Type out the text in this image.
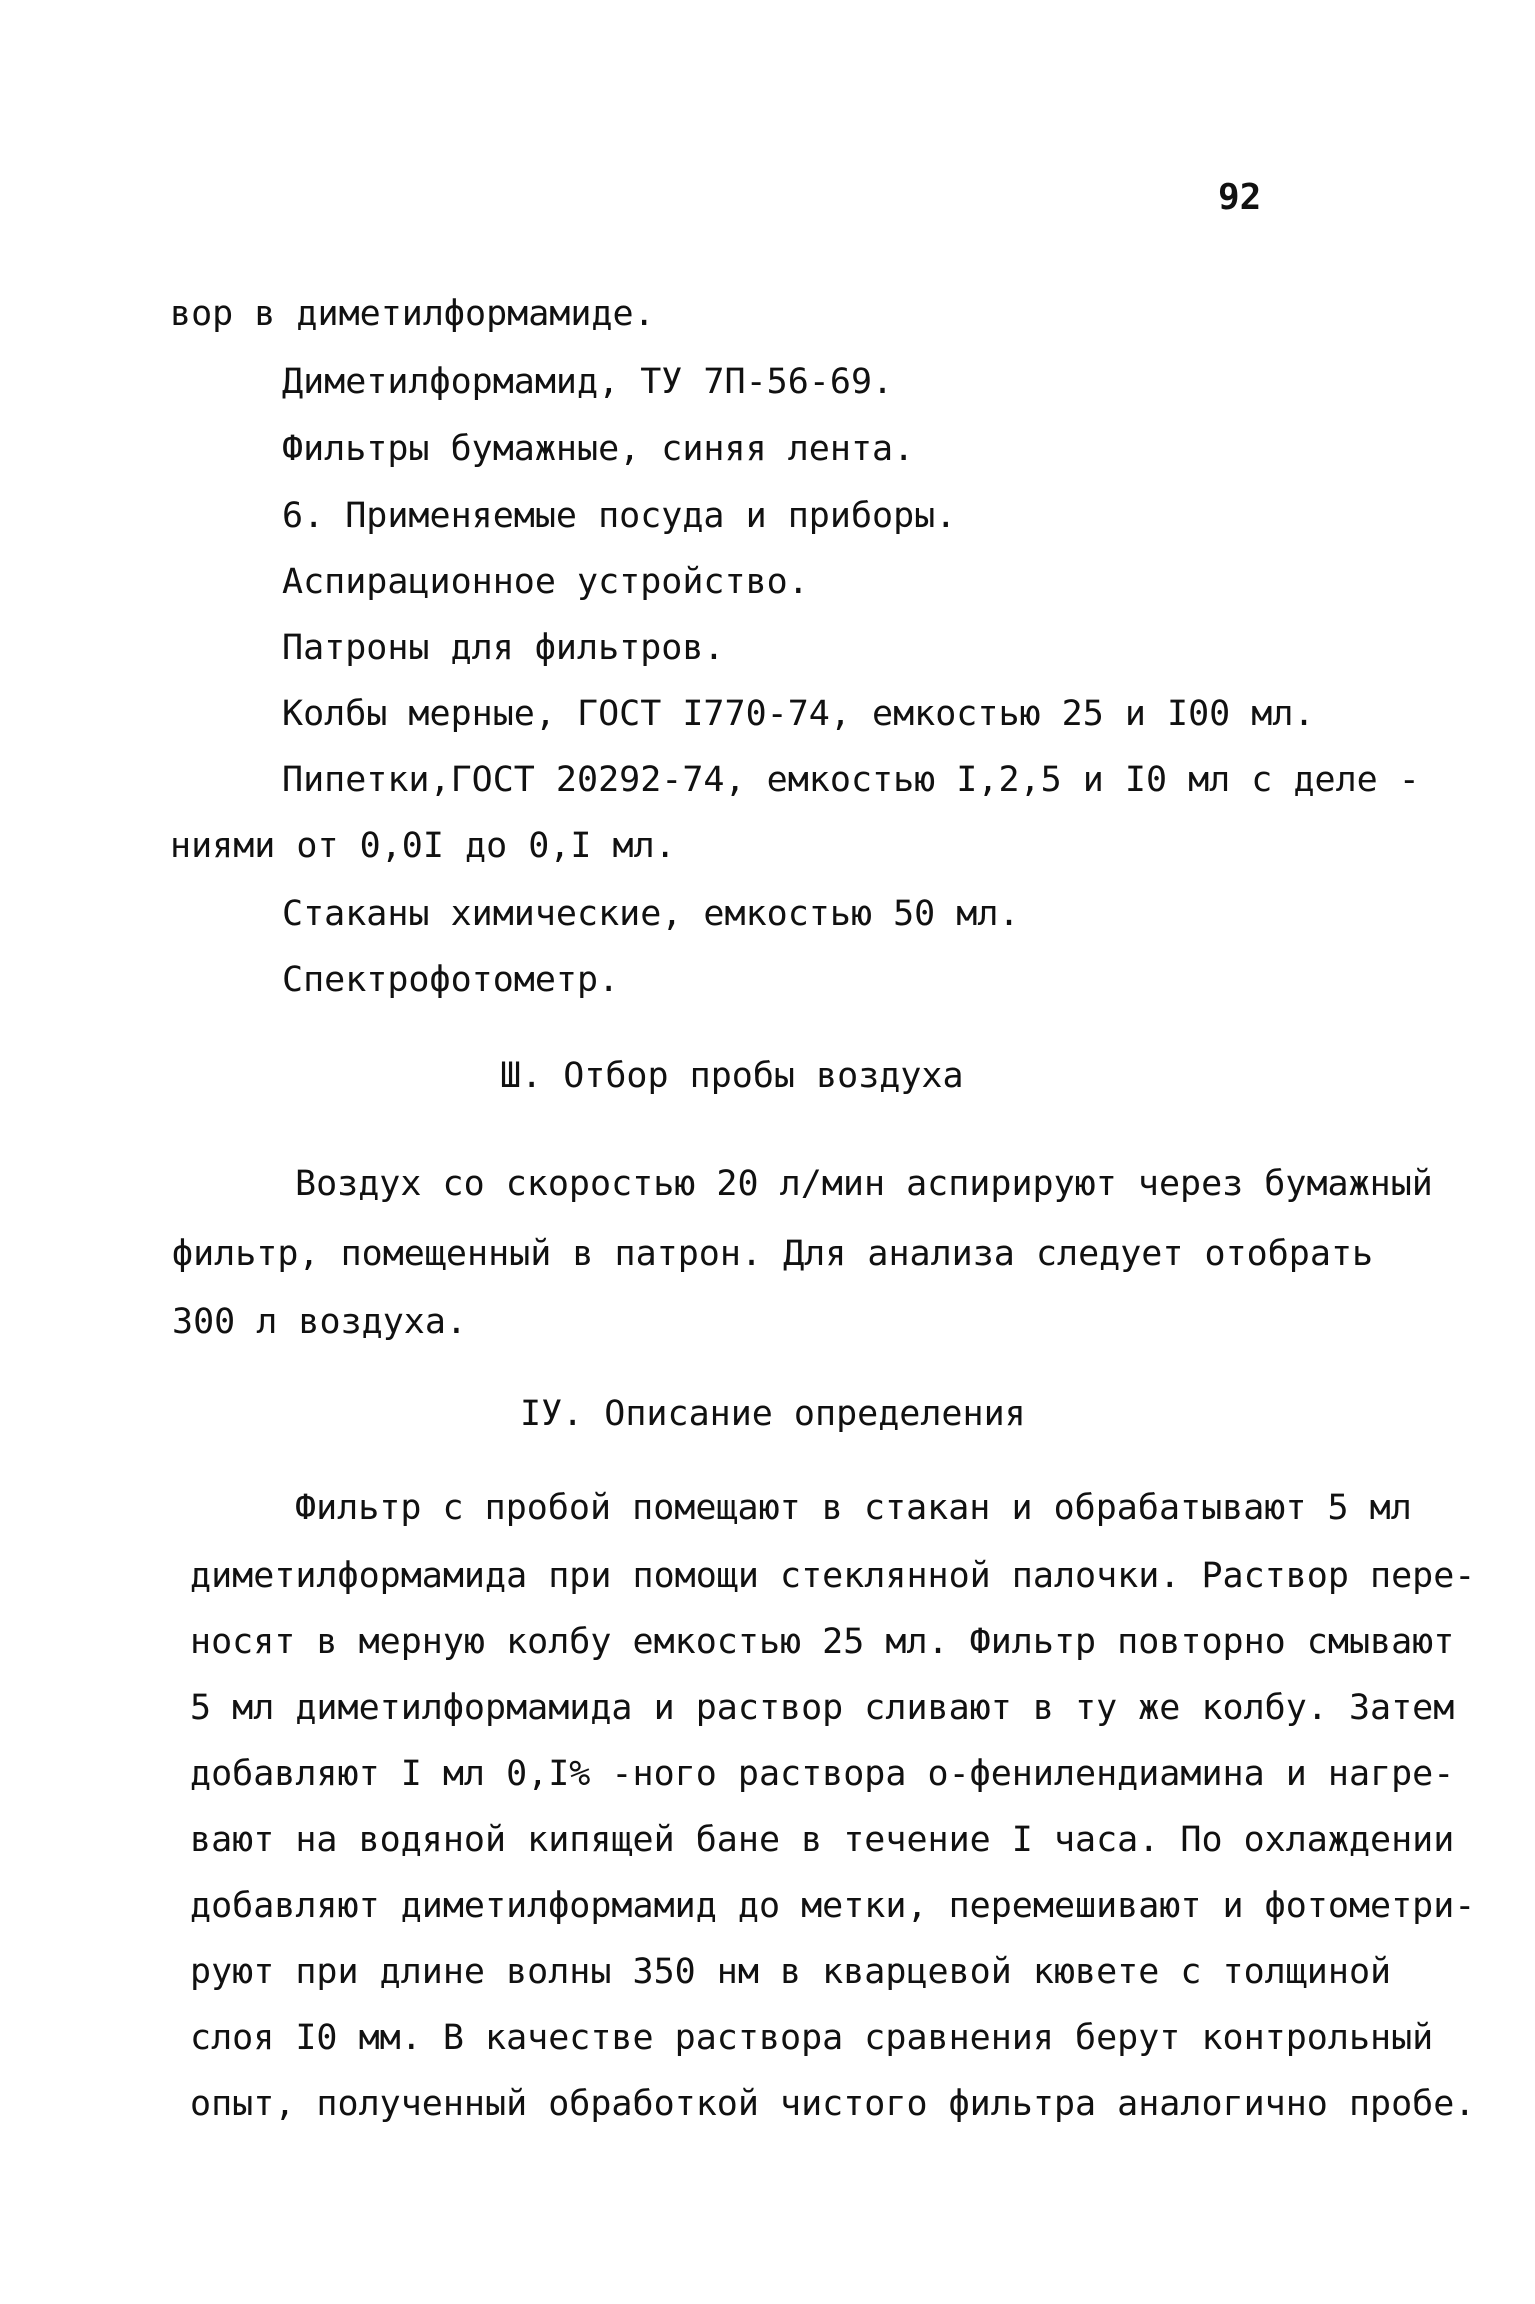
92
вор в диметилформамиде.
Диметилформамид, ТУ 7П-56-69.
Фильтры бумажные, синяя лента.
6. Применяемые посуда и приборы.
Аспирационное устройство.
Патроны для фильтров.
Колбы мерные, ГОСТ I770-74, емкостью 25 и I00 мл.
Пипетки,ГОСТ 20292-74, емкостью I,2,5 и I0 мл с деле -
ниями от 0,0I до 0,I мл.
Стаканы химические, емкостью 50 мл.
Спектрофотометр.
Ш. Отбор пробы воздуха
Воздух со скоростью 20 л/мин аспирируют через бумажный
фильтр, помещенный в патрон. Для анализа следует отобрать
300 л воздуха.
IУ. Описание определения
Фильтр с пробой помещают в стакан и обрабатывают 5 мл
диметилформамида при помощи стеклянной палочки. Раствор пере-
носят в мерную колбу емкостью 25 мл. Фильтр повторно смывают
5 мл диметилформамида и раствор сливают в ту же колбу. Затем
добавляют I мл 0,I% -ного раствора о-фенилендиамина и нагре-
вают на водяной кипящей бане в течение I часа. По охлаждении
добавляют диметилформамид до метки, перемешивают и фотометри-
руют при длине волны 350 нм в кварцевой кювете с толщиной
слоя I0 мм. В качестве раствора сравнения берут контрольный
опыт, полученный обработкой чистого фильтра аналогично пробе.
